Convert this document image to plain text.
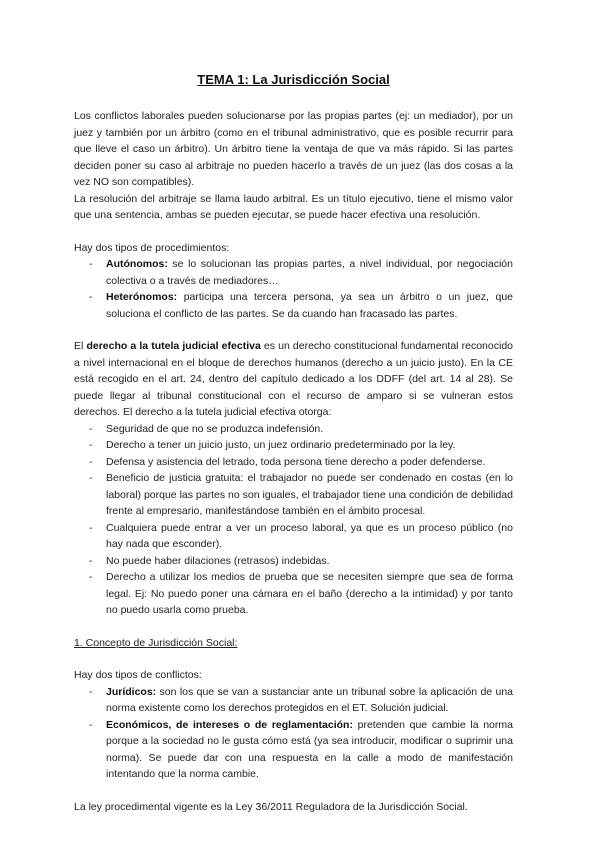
TEMA 1: La Jurisdicción Social

Los conflictos laborales pueden solucionarse por las propias partes (ej: un mediador), por un juez y también por un árbitro (como en el tribunal administrativo, que es posible recurrir para que lleve el caso un árbitro). Un árbitro tiene la ventaja de que va más rápido. Si las partes deciden poner su caso al arbitraje no pueden hacerlo a través de un juez (las dos cosas a la vez NO son compatibles).

La resolución del arbitraje se llama laudo arbitral. Es un título ejecutivo, tiene el mismo valor que una sentencia, ambas se pueden ejecutar, se puede hacer efectiva una resolución.

Hay dos tipos de procedimientos:

- Autónomos: se lo solucionan las propias partes, a nivel individual, por negociación colectiva o a través de mediadores…
- Heterónomos: participa una tercera persona, ya sea un árbitro o un juez, que soluciona el conflicto de las partes. Se da cuando han fracasado las partes.

El derecho a la tutela judicial efectiva es un derecho constitucional fundamental reconocido a nivel internacional en el bloque de derechos humanos (derecho a un juicio justo). En la CE está recogido en el art. 24, dentro del capítulo dedicado a los DDFF (del art. 14 al 28). Se puede llegar al tribunal constitucional con el recurso de amparo si se vulneran estos derechos. El derecho a la tutela judicial efectiva otorga:

- Seguridad de que no se produzca indefensión.
- Derecho a tener un juicio justo, un juez ordinario predeterminado por la ley.
- Defensa y asistencia del letrado, toda persona tiene derecho a poder defenderse.
- Beneficio de justicia gratuita: el trabajador no puede ser condenado en costas (en lo laboral) porque las partes no son iguales, el trabajador tiene una condición de debilidad frente al empresario, manifestándose también en el ámbito procesal.
- Cualquiera puede entrar a ver un proceso laboral, ya que es un proceso público (no hay nada que esconder).
- No puede haber dilaciones (retrasos) indebidas.
- Derecho a utilizar los medios de prueba que se necesiten siempre que sea de forma legal. Ej: No puedo poner una cámara en el baño (derecho a la intimidad) y por tanto no puedo usarla como prueba.

1. Concepto de Jurisdicción Social:

Hay dos tipos de conflictos:

- Jurídicos: son los que se van a sustanciar ante un tribunal sobre la aplicación de una norma existente como los derechos protegidos en el ET. Solución judicial.
- Económicos, de intereses o de reglamentación: pretenden que cambie la norma porque a la sociedad no le gusta cómo está (ya sea introducir, modificar o suprimir una norma). Se puede dar con una respuesta en la calle a modo de manifestación intentando que la norma cambie.

La ley procedimental vigente es la Ley 36/2011 Reguladora de la Jurisdicción Social.
